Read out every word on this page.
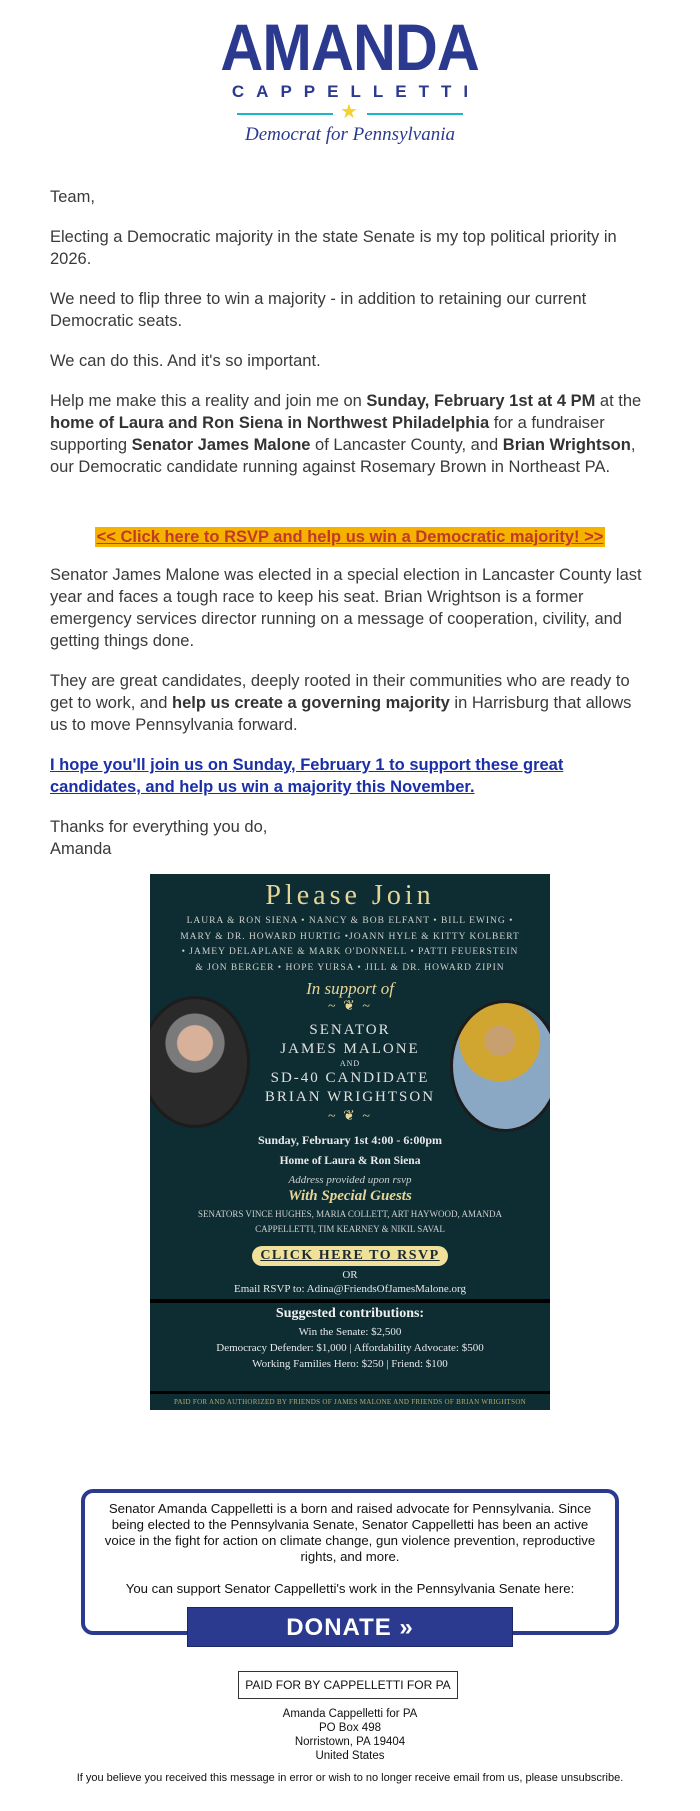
AMANDA
CAPPELLETTI
★
Democrat for Pennsylvania

Team,

Electing a Democratic majority in the state Senate is my top political priority in 2026.

We need to flip three to win a majority - in addition to retaining our current Democratic seats.

We can do this. And it's so important.

Help me make this a reality and join me on Sunday, February 1st at 4 PM at the home of Laura and Ron Siena in Northwest Philadelphia for a fundraiser supporting Senator James Malone of Lancaster County, and Brian Wrightson, our Democratic candidate running against Rosemary Brown in Northeast PA.

<< Click here to RSVP and help us win a Democratic majority! >>

Senator James Malone was elected in a special election in Lancaster County last year and faces a tough race to keep his seat. Brian Wrightson is a former emergency services director running on a message of cooperation, civility, and getting things done.

They are great candidates, deeply rooted in their communities who are ready to get to work, and help us create a governing majority in Harrisburg that allows us to move Pennsylvania forward.

I hope you'll join us on Sunday, February 1 to support these great candidates, and help us win a majority this November.

Thanks for everything you do,
Amanda

Please Join
LAURA & RON SIENA • NANCY & BOB ELFANT • BILL EWING •
MARY & DR. HOWARD HURTIG •JOANN HYLE & KITTY KOLBERT
• JAMEY DELAPLANE & MARK O'DONNELL • PATTI FEUERSTEIN
& JON BERGER • HOPE YURSA • JILL & DR. HOWARD ZIPIN
In support of
~ ❦ ~
SENATOR
JAMES MALONE
AND
SD-40 CANDIDATE
BRIAN WRIGHTSON
~ ❦ ~
Sunday, February 1st 4:00 - 6:00pm
Home of Laura & Ron Siena
Address provided upon rsvp
With Special Guests
SENATORS VINCE HUGHES, MARIA COLLETT, ART HAYWOOD, AMANDA CAPPELLETTI, TIM KEARNEY & NIKIL SAVAL
CLICK HERE TO RSVP
OR
Email RSVP to: Adina@FriendsOfJamesMalone.org
Suggested contributions:
Win the Senate: $2,500
Democracy Defender: $1,000 | Affordability Advocate: $500
Working Families Hero: $250 | Friend: $100
PAID FOR AND AUTHORIZED BY FRIENDS OF JAMES MALONE AND FRIENDS OF BRIAN WRIGHTSON
Senator Amanda Cappelletti is a born and raised advocate for Pennsylvania. Since being elected to the Pennsylvania Senate, Senator Cappelletti has been an active voice in the fight for action on climate change, gun violence prevention, reproductive rights, and more.
You can support Senator Cappelletti's work in the Pennsylvania Senate here:
DONATE »
PAID FOR BY CAPPELLETTI FOR PA
Amanda Cappelletti for PA
PO Box 498
Norristown, PA 19404
United States
If you believe you received this message in error or wish to no longer receive email from us, please unsubscribe.
